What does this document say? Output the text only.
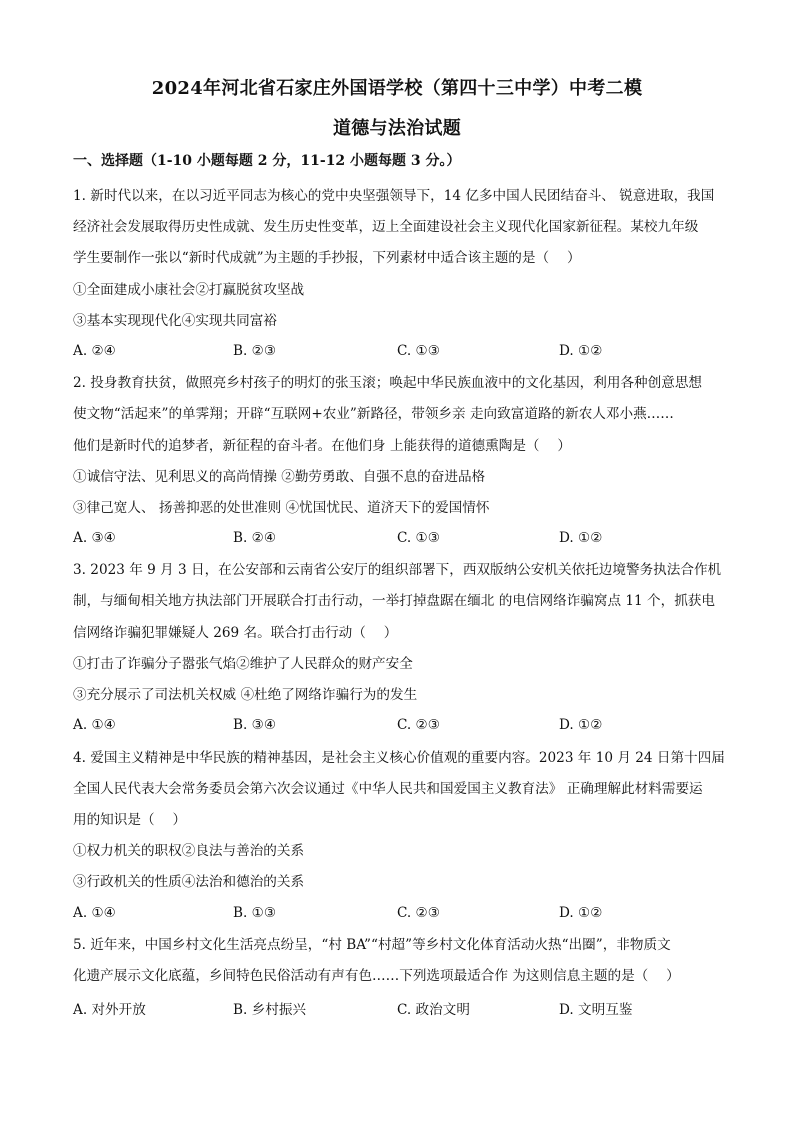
2024年河北省石家庄外国语学校（第四十三中学）中考二模
道德与法治试题
一、选择题（1-10 小题每题 2 分，11-12 小题每题 3 分。）
1. 新时代以来，在以习近平同志为核心的党中央坚强领导下，14 亿多中国人民团结奋斗、 锐意进取，我国
经济社会发展取得历史性成就、发生历史性变革，迈上全面建设社会主义现代化国家新征程。某校九年级
学生要制作一张以“新时代成就”为主题的手抄报，下列素材中适合该主题的是（　 ）
①全面建成小康社会②打赢脱贫攻坚战
③基本实现现代化④实现共同富裕
A. ②④	B. ②③	C. ①③	D. ①②
2. 投身教育扶贫，做照亮乡村孩子的明灯的张玉滚；唤起中华民族血液中的文化基因，利用各种创意思想
使文物“活起来”的单霁翔；开辟“互联网+农业”新路径，带领乡亲 走向致富道路的新农人邓小燕……
他们是新时代的追梦者，新征程的奋斗者。在他们身 上能获得的道德熏陶是（　 ）
①诚信守法、见利思义的高尚情操 ②勤劳勇敢、自强不息的奋进品格
③律己宽人、 扬善抑恶的处世准则 ④忧国忧民、道济天下的爱国情怀
A. ③④	B. ②④	C. ①③	D. ①②
3. 2023 年 9 月 3 日，在公安部和云南省公安厅的组织部署下，西双版纳公安机关依托边境警务执法合作机
制，与缅甸相关地方执法部门开展联合打击行动，一举打掉盘踞在缅北 的电信网络诈骗窝点 11 个，抓获电
信网络诈骗犯罪嫌疑人 269 名。联合打击行动（　 ）
①打击了诈骗分子嚣张气焰②维护了人民群众的财产安全
③充分展示了司法机关权威 ④杜绝了网络诈骗行为的发生
A. ①④	B. ③④	C. ②③	D. ①②
4. 爱国主义精神是中华民族的精神基因，是社会主义核心价值观的重要内容。2023 年 10 月 24 日第十四届
全国人民代表大会常务委员会第六次会议通过《中华人民共和国爱国主义教育法》 正确理解此材料需要运
用的知识是（　 ）
①权力机关的职权②良法与善治的关系
③行政机关的性质④法治和德治的关系
A. ①④	B. ①③	C. ②③	D. ①②
5. 近年来，中国乡村文化生活亮点纷呈，“村 BA”“村超”等乡村文化体育活动火热“出圈”，非物质文
化遗产展示文化底蕴，乡间特色民俗活动有声有色……下列选项最适合作 为这则信息主题的是（　 ）
A. 对外开放	B. 乡村振兴	C. 政治文明	D. 文明互鉴
